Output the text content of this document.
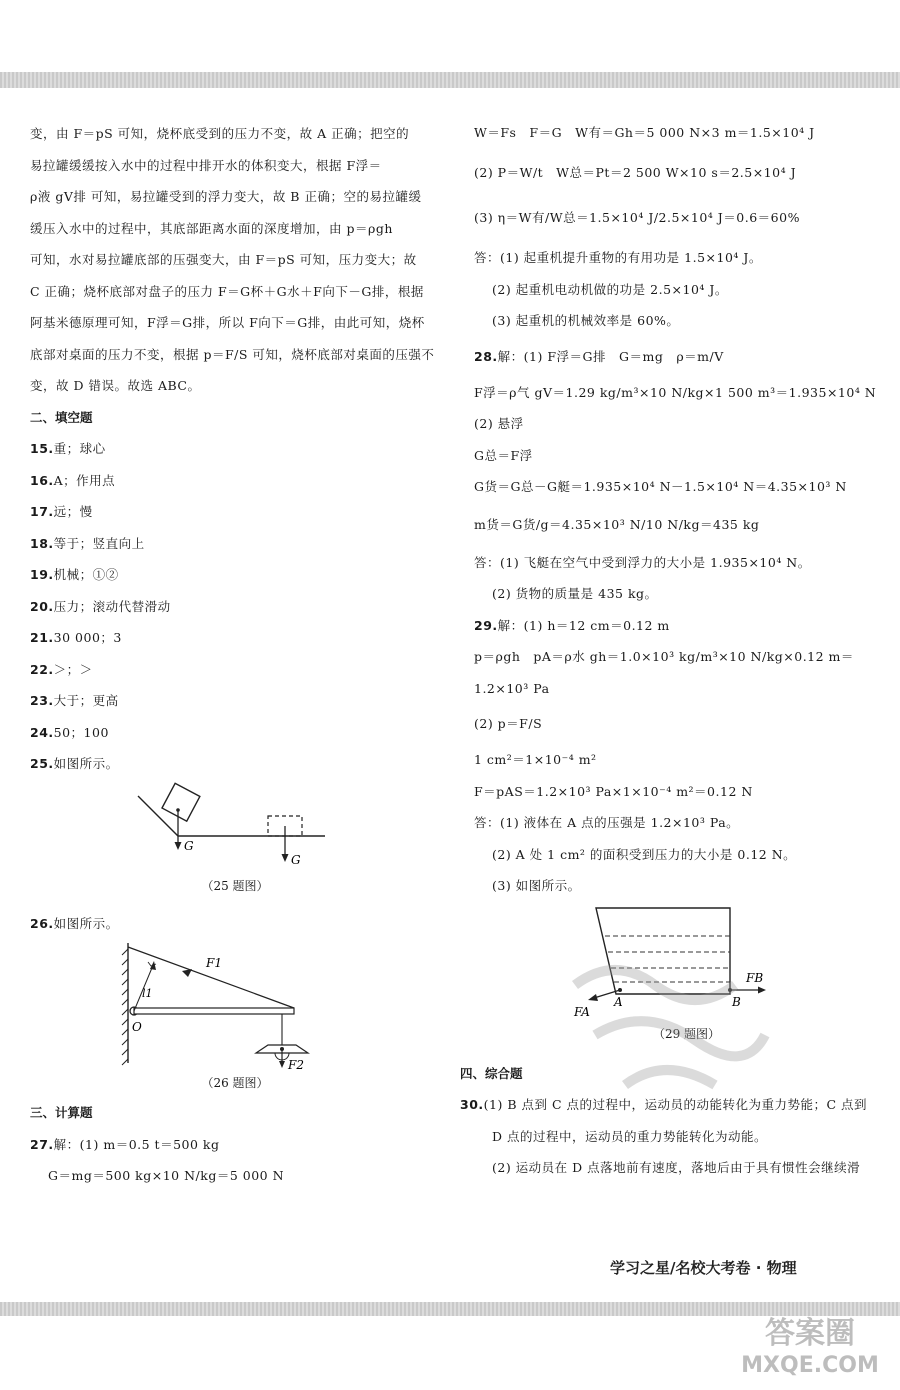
变，由 F＝pS 可知，烧杯底受到的压力不变，故 A 正确；把空的
易拉罐缓缓按入水中的过程中排开水的体积变大，根据 F浮＝
ρ液 gV排 可知，易拉罐受到的浮力变大，故 B 正确；空的易拉罐缓
缓压入水中的过程中，其底部距离水面的深度增加，由 p＝ρgh
可知，水对易拉罐底部的压强变大，由 F＝pS 可知，压力变大；故
C 正确；烧杯底部对盘子的压力 F＝G杯＋G水＋F向下－G排，根据
阿基米德原理可知，F浮＝G排，所以 F向下＝G排，由此可知，烧杯
底部对桌面的压力不变，根据 p＝F/S 可知，烧杯底部对桌面的压强不
变，故 D 错误。故选 ABC。
二、填空题
15.重；球心
16.A；作用点
17.远；慢
18.等于；竖直向上
19.机械；①②
20.压力；滚动代替滑动
21.30 000；3
22.＞；＞
23.大于；更高
24.50；100
25.如图所示。
G
G
（25 题图）
26.如图所示。
F1
l1
O
F2
（26 题图）
三、计算题
27.解：(1) m＝0.5 t＝500 kg
G＝mg＝500 kg×10 N/kg＝5 000 N
W＝Fs　F＝G　W有＝Gh＝5 000 N×3 m＝1.5×10⁴ J
(2) P＝W/t　W总＝Pt＝2 500 W×10 s＝2.5×10⁴ J
(3) η＝W有/W总＝1.5×10⁴ J/2.5×10⁴ J＝0.6＝60%
答：(1) 起重机提升重物的有用功是 1.5×10⁴ J。
(2) 起重机电动机做的功是 2.5×10⁴ J。
(3) 起重机的机械效率是 60%。
28.解：(1) F浮＝G排　G＝mg　ρ＝m/V
F浮＝ρ气 gV＝1.29 kg/m³×10 N/kg×1 500 m³＝1.935×10⁴ N
(2) 悬浮
G总＝F浮
G货＝G总－G艇＝1.935×10⁴ N－1.5×10⁴ N＝4.35×10³ N
m货＝G货/g＝4.35×10³ N/10 N/kg＝435 kg
答：(1) 飞艇在空气中受到浮力的大小是 1.935×10⁴ N。
(2) 货物的质量是 435 kg。
29.解：(1) h＝12 cm＝0.12 m
p＝ρgh　pA＝ρ水 gh＝1.0×10³ kg/m³×10 N/kg×0.12 m＝
1.2×10³ Pa
(2) p＝F/S
1 cm²＝1×10⁻⁴ m²
F＝pAS＝1.2×10³ Pa×1×10⁻⁴ m²＝0.12 N
答：(1) 液体在 A 点的压强是 1.2×10³ Pa。
(2) A 处 1 cm² 的面积受到压力的大小是 0.12 N。
(3) 如图所示。
FA
A	B
FB
（29 题图）
四、综合题
30.(1) B 点到 C 点的过程中，运动员的动能转化为重力势能；C 点到
D 点的过程中，运动员的重力势能转化为动能。
(2) 运动员在 D 点落地前有速度，落地后由于具有惯性会继续滑
学习之星/名校大考卷 · 物理
答案圈
MXQE.COM
